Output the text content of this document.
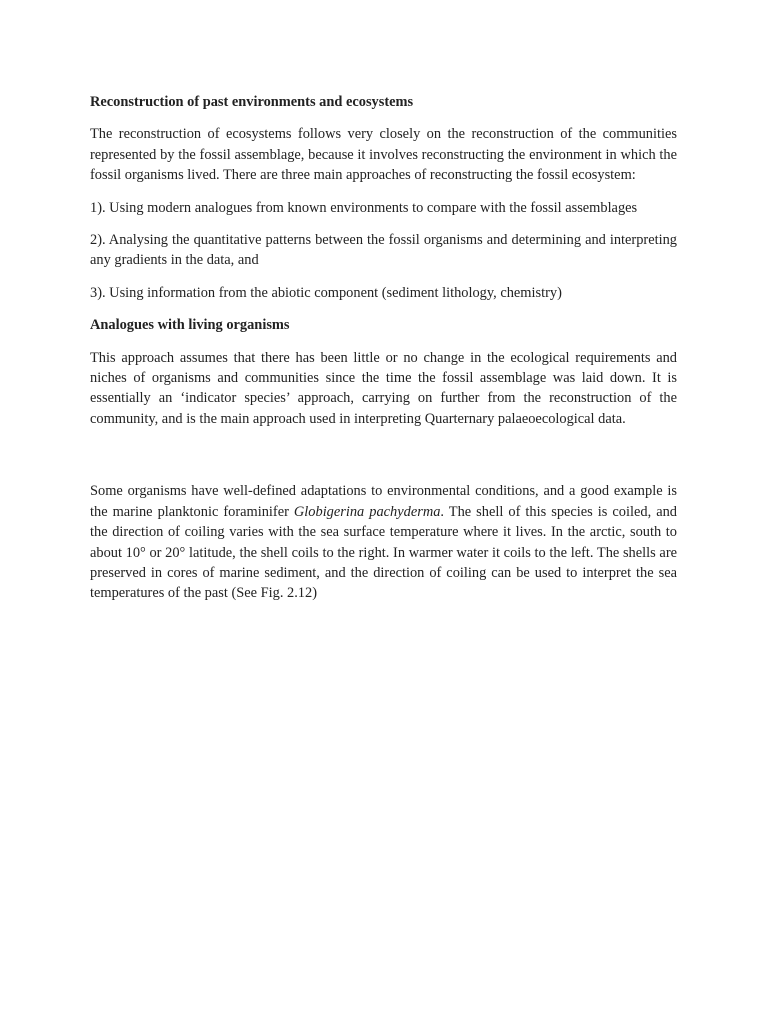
Reconstruction of past environments and ecosystems

The reconstruction of ecosystems follows very closely on the reconstruction of the communities represented by the fossil assemblage, because it involves reconstructing the environment in which the fossil organisms lived. There are three main approaches of reconstructing the fossil ecosystem:

1). Using modern analogues from known environments to compare with the fossil assemblages

2). Analysing the quantitative patterns between the fossil organisms and determining and interpreting any gradients in the data, and

3). Using information from the abiotic component (sediment lithology, chemistry)

Analogues with living organisms

This approach assumes that there has been little or no change in the ecological requirements and niches of organisms and communities since the time the fossil assemblage was laid down. It is essentially an ‘indicator species’ approach, carrying on further from the reconstruction of the community, and is the main approach used in interpreting Quarternary palaeoecological data.

Some organisms have well-defined adaptations to environmental conditions, and a good example is the marine planktonic foraminifer Globigerina pachyderma. The shell of this species is coiled, and the direction of coiling varies with the sea surface temperature where it lives. In the arctic, south to about 10° or 20° latitude, the shell coils to the right. In warmer water it coils to the left. The shells are preserved in cores of marine sediment, and the direction of coiling can be used to interpret the sea temperatures of the past (See Fig. 2.12)
